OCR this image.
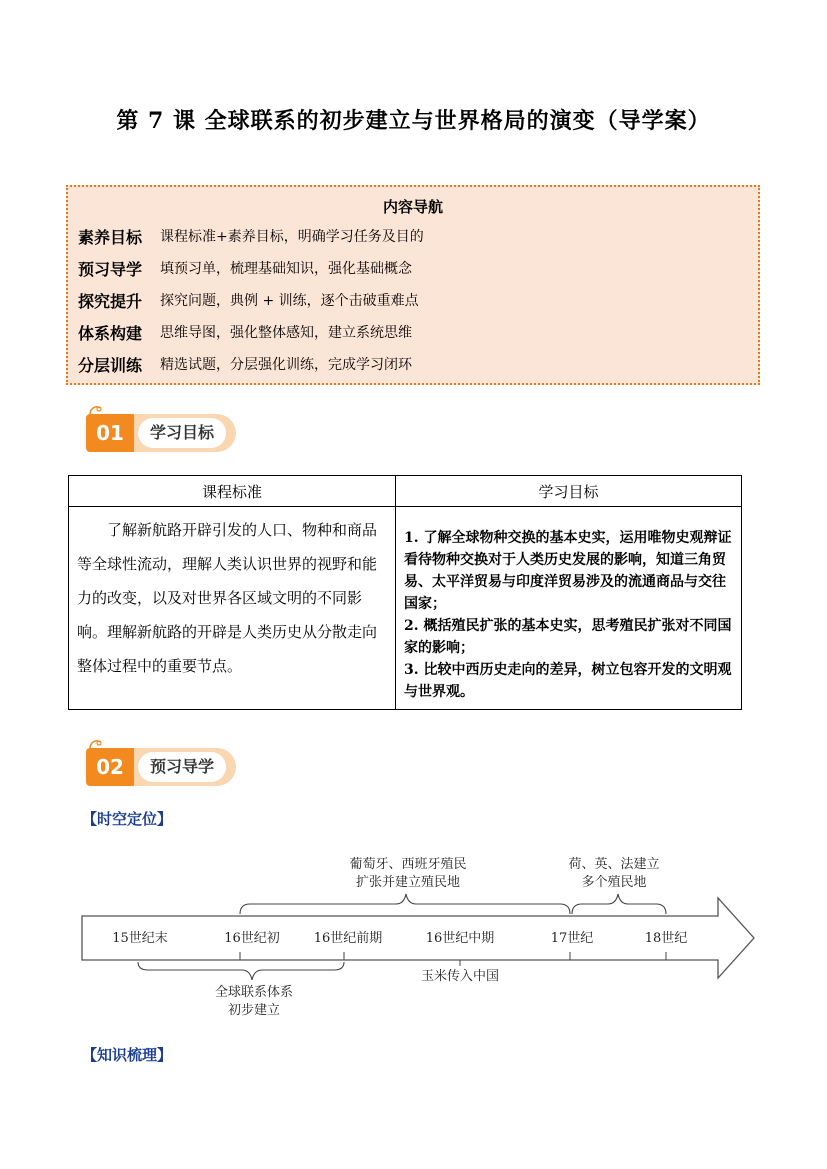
第 7 课 全球联系的初步建立与世界格局的演变（导学案）
内容导航
素养目标	课程标准+素养目标，明确学习任务及目的
预习导学	填预习单，梳理基础知识，强化基础概念
探究提升	探究问题，典例 + 训练，逐个击破重难点
体系构建	思维导图，强化整体感知，建立系统思维
分层训练	精选试题，分层强化训练，完成学习闭环
学习目标
01
课程标准	学习目标

了解新航路开辟引发的人口、物种和商品等全球性流动，理解人类认识世界的视野和能力的改变，以及对世界各区域文明的不同影响。理解新航路的开辟是人类历史从分散走向整体过程中的重要节点。	1. 了解全球物种交换的基本史实，运用唯物史观辩证看待物种交换对于人类历史发展的影响，知道三角贸易、太平洋贸易与印度洋贸易涉及的流通商品与交往国家；

2. 概括殖民扩张的基本史实，思考殖民扩张对不同国家的影响；

3. 比较中西历史走向的差异，树立包容开发的文明观与世界观。

预习导学
02
【时空定位】
15世纪末	16世纪初	16世纪前期	16世纪中期	17世纪	18世纪
葡萄牙、西班牙殖民
扩张并建立殖民地
荷、英、法建立
多个殖民地
全球联系体系
初步建立
玉米传入中国
【知识梳理】
